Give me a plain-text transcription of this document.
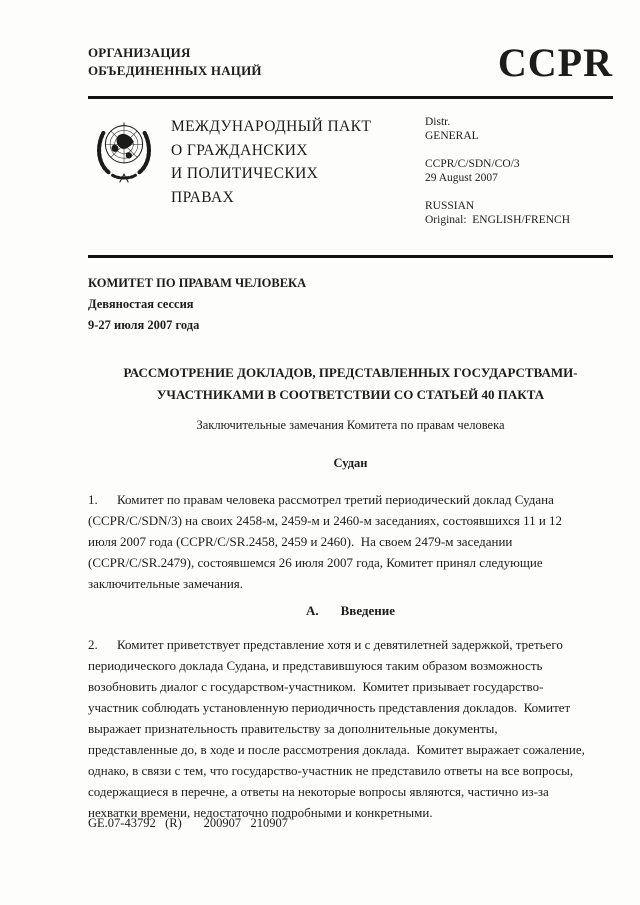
ОРГАНИЗАЦИЯ
ОБЪЕДИНЕННЫХ НАЦИЙ	CCPR
МЕЖДУНАРОДНЫЙ ПАКТ
О ГРАЖДАНСКИХ
И ПОЛИТИЧЕСКИХ
ПРАВАХ
Distr.
GENERAL
CCPR/C/SDN/CO/3
29 August 2007
RUSSIAN
Original:  ENGLISH/FRENCH
КОМИТЕТ ПО ПРАВАМ ЧЕЛОВЕКА
Девяностая сессия
9-27 июля 2007 года
РАССМОТРЕНИЕ ДОКЛАДОВ, ПРЕДСТАВЛЕННЫХ ГОСУДАРСТВАМИ-
УЧАСТНИКАМИ В СООТВЕТСТВИИ СО СТАТЬЕЙ 40 ПАКТА

Заключительные замечания Комитета по правам человека

Судан

1. Комитет по правам человека рассмотрел третий периодический доклад Судана (CCPR/C/SDN/3) на своих 2458-м, 2459-м и 2460-м заседаниях, состоявшихся 11 и 12 июля 2007 года (CCPR/C/SR.2458, 2459 и 2460).  На своем 2479-м заседании (CCPR/C/SR.2479), состоявшемся 26 июля 2007 года, Комитет принял следующие заключительные замечания.

А. Введение

2. Комитет приветствует представление хотя и с девятилетней задержкой, третьего периодического доклада Судана, и представившуюся таким образом возможность возобновить диалог с государством-участником.  Комитет призывает государство-участник соблюдать установленную периодичность представления докладов.  Комитет выражает признательность правительству за дополнительные документы, представленные до, в ходе и после рассмотрения доклада.  Комитет выражает сожаление, однако, в связи с тем, что государство-участник не представило ответы на все вопросы, содержащиеся в перечне, а ответы на некоторые вопросы являются, частично из-за нехватки времени, недостаточно подробными и конкретными.

GE.07-43792   (R)       200907   210907
